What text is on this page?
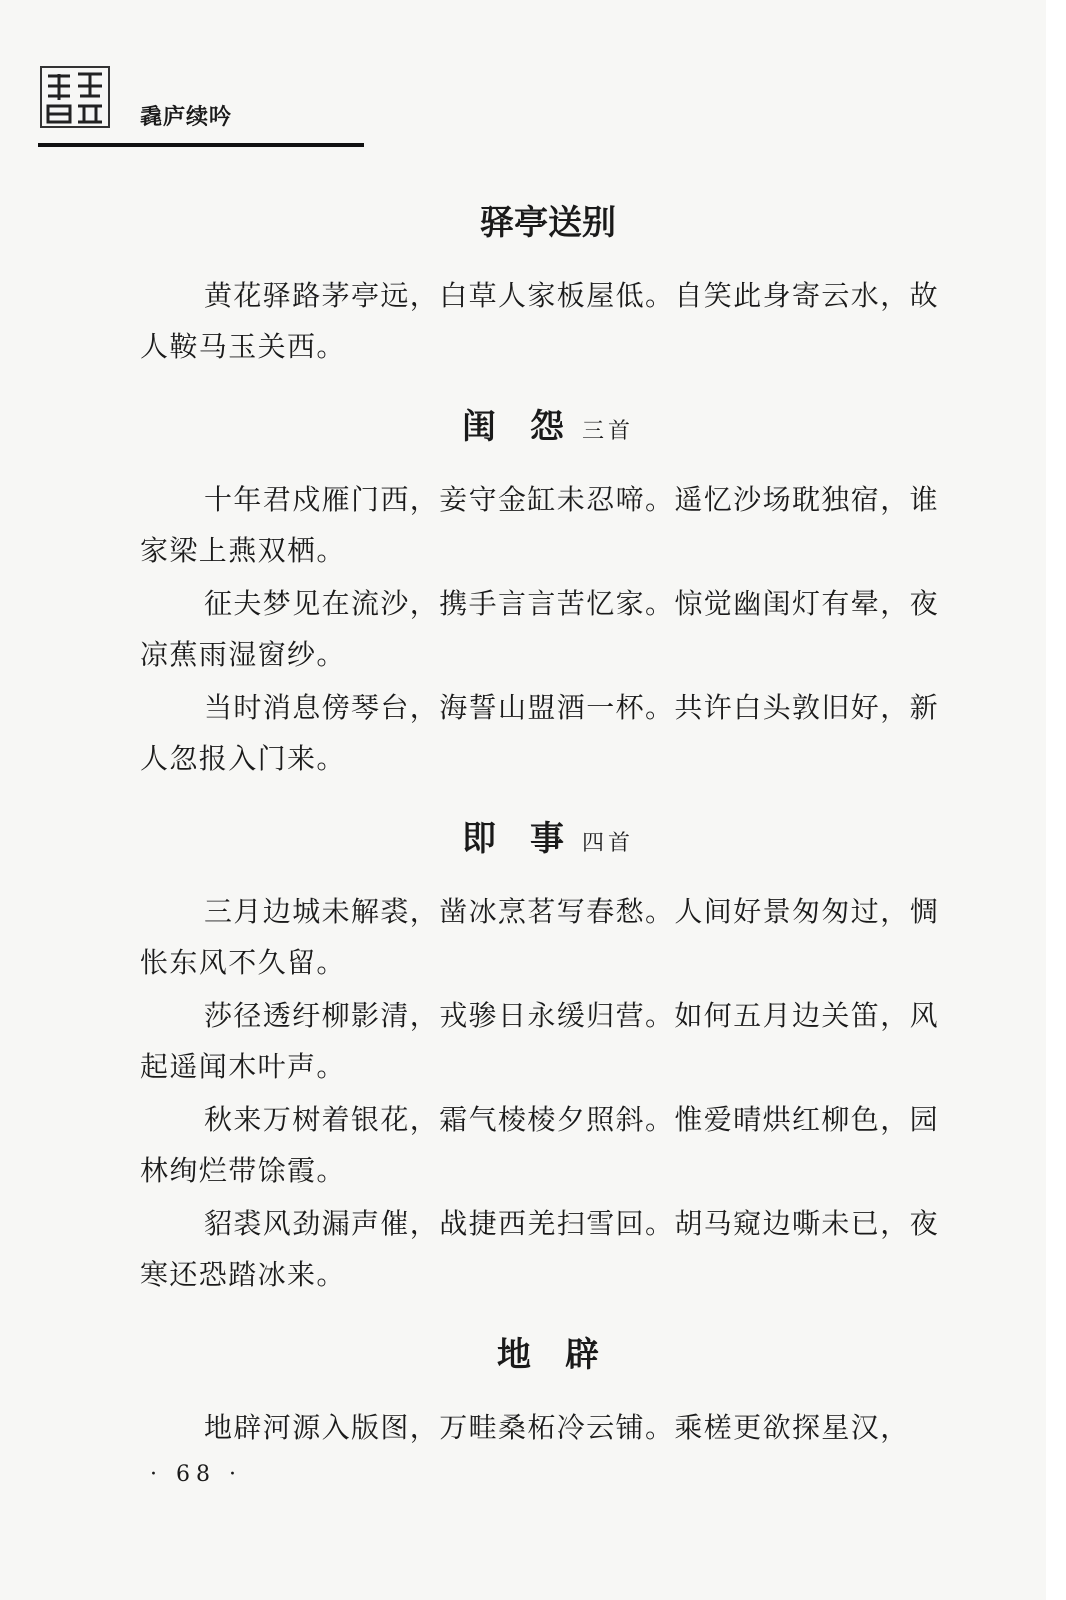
毳庐续吟
驿亭送别

黄花驿路茅亭远，白草人家板屋低。自笑此身寄云水，故人鞍马玉关西。

闺　怨 三首

十年君戍雁门西，妾守金缸未忍啼。遥忆沙场耽独宿，谁家梁上燕双栖。

征夫梦见在流沙，携手言言苦忆家。惊觉幽闺灯有晕，夜凉蕉雨湿窗纱。

当时消息傍琴台，海誓山盟酒一杯。共许白头敦旧好，新人忽报入门来。

即　事 四首

三月边城未解裘，凿冰烹茗写春愁。人间好景匆匆过，惆怅东风不久留。

莎径透纡柳影清，戎骖日永缓归营。如何五月边关笛，风起遥闻木叶声。

秋来万树着银花，霜气棱棱夕照斜。惟爱晴烘红柳色，园林绚烂带馀霞。

貂裘风劲漏声催，战捷西羌扫雪回。胡马窥边嘶未已，夜寒还恐踏冰来。

地　辟

地辟河源入版图，万畦桑柘冷云铺。乘槎更欲探星汉，

· 68 ·
